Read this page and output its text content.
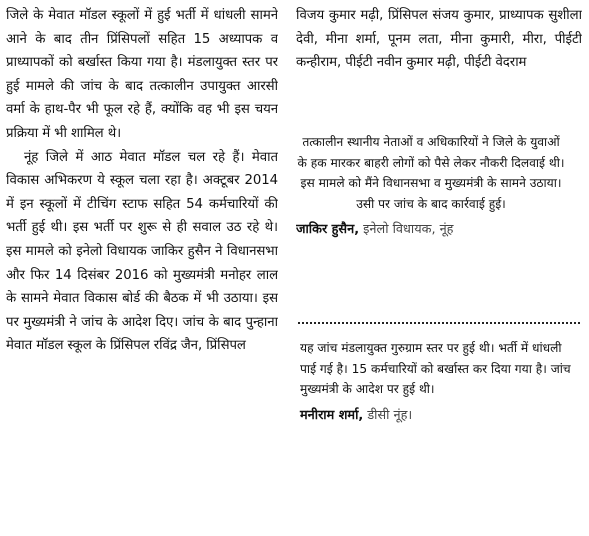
जिले के मेवात मॉडल स्कूलों में हुई भर्ती में धांधली सामने आने के बाद तीन प्रिंसिपलों सहित 15 अध्यापक व प्राध्यापकों को बर्खास्त किया गया है। मंडलायुक्त स्तर पर हुई मामले की जांच के बाद तत्कालीन उपायुक्त आरसी वर्मा के हाथ-पैर भी फूल रहे हैं, क्योंकि वह भी इस चयन प्रक्रिया में भी शामिल थे।

नूंह जिले में आठ मेवात मॉडल चल रहे हैं। मेवात विकास अभिकरण ये स्कूल चला रहा है। अक्टूबर 2014 में इन स्कूलों में टीचिंग स्टाफ सहित 54 कर्मचारियों की भर्ती हुई थी। इस भर्ती पर शुरू से ही सवाल उठ रहे थे। इस मामले को इनेलो विधायक जाकिर हुसैन ने विधानसभा और फिर 14 दिसंबर 2016 को मुख्यमंत्री मनोहर लाल के सामने मेवात विकास बोर्ड की बैठक में भी उठाया। इस पर मुख्यमंत्री ने जांच के आदेश दिए। जांच के बाद पुन्हाना मेवात मॉडल स्कूल के प्रिंसिपल रविंद्र जैन, प्रिंसिपल

विजय कुमार मढ़ी, प्रिंसिपल संजय कुमार, प्राध्यापक सुशीला देवी, मीना शर्मा, पूनम लता, मीना कुमारी, मीरा, पीईटी कन्हीराम, पीईटी नवीन कुमार मढ़ी, पीईटी वेदराम

तत्कालीन स्थानीय नेताओं व अधिकारियों ने जिले के युवाओं के हक मारकर बाहरी लोगों को पैसे लेकर नौकरी दिलवाई थी। इस मामले को मैंने विधानसभा व मुख्यमंत्री के सामने उठाया। उसी पर जांच के बाद कार्रवाई हुई।
जाकिर हुसैन, इनेलो विधायक, नूंह
यह जांच मंडलायुक्त गुरुग्राम स्तर पर हुई थी। भर्ती में धांधली पाई गई है। 15 कर्मचारियों को बर्खास्त कर दिया गया है। जांच मुख्यमंत्री के आदेश पर हुई थी।
मनीराम शर्मा, डीसी नूंह।
